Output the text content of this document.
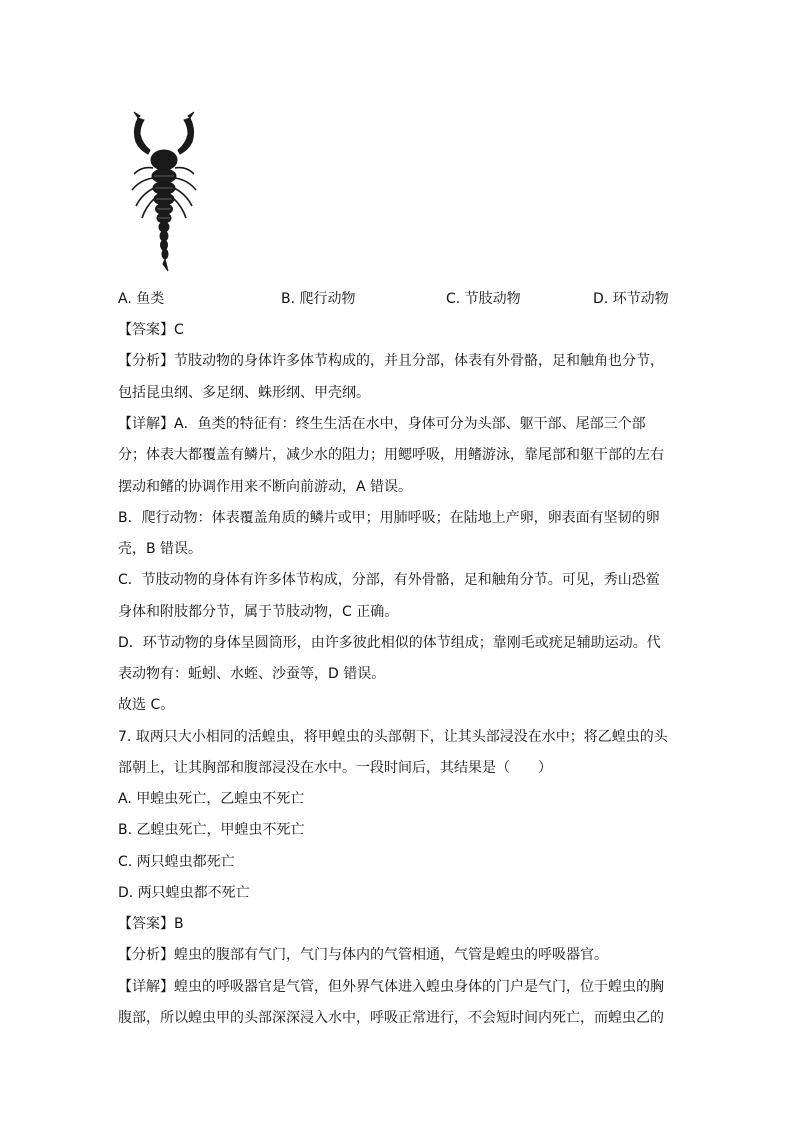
A. 鱼类	B. 爬行动物	C. 节肢动物	D. 环节动物
【答案】C
【分析】节肢动物的身体许多体节构成的，并且分部，体表有外骨骼，足和触角也分节，
包括昆虫纲、多足纲、蛛形纲、甲壳纲。
【详解】A．鱼类的特征有：终生生活在水中，身体可分为头部、躯干部、尾部三个部
分；体表大都覆盖有鳞片，减少水的阻力；用鳃呼吸，用鳍游泳，靠尾部和躯干部的左右
摆动和鳍的协调作用来不断向前游动，A 错误。
B．爬行动物：体表覆盖角质的鳞片或甲；用肺呼吸；在陆地上产卵，卵表面有坚韧的卵
壳，B 错误。
C．节肢动物的身体有许多体节构成，分部，有外骨骼，足和触角分节。可见，秀山恐鲎
身体和附肢都分节，属于节肢动物，C 正确。
D．环节动物的身体呈圆筒形，由许多彼此相似的体节组成；靠刚毛或疣足辅助运动。代
表动物有：蚯蚓、水蛭、沙蚕等，D 错误。
故选 C。
7. 取两只大小相同的活蝗虫，将甲蝗虫的头部朝下，让其头部浸没在水中；将乙蝗虫的头
部朝上，让其胸部和腹部浸没在水中。一段时间后，其结果是（　　）
A. 甲蝗虫死亡，乙蝗虫不死亡
B. 乙蝗虫死亡，甲蝗虫不死亡
C. 两只蝗虫都死亡
D. 两只蝗虫都不死亡
【答案】B
【分析】蝗虫的腹部有气门，气门与体内的气管相通，气管是蝗虫的呼吸器官。
【详解】蝗虫的呼吸器官是气管，但外界气体进入蝗虫身体的门户是气门，位于蝗虫的胸
腹部，所以蝗虫甲的头部深深浸入水中，呼吸正常进行，不会短时间内死亡，而蝗虫乙的
